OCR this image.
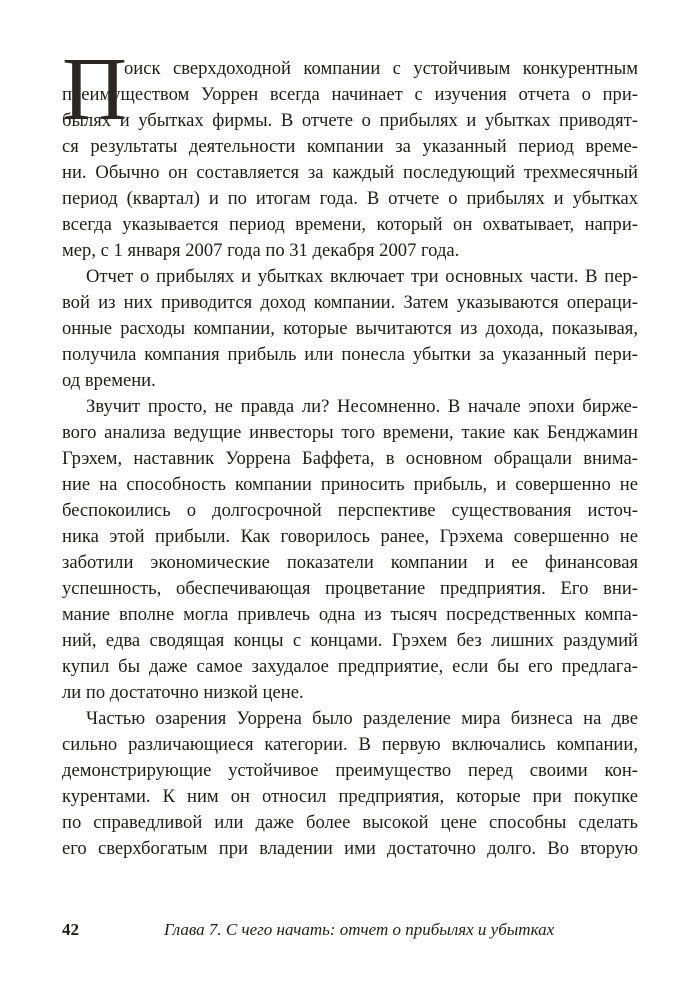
П
оиск сверхдоходной компании с устойчивым конкурентным
преимуществом Уоррен всегда начинает с изучения отчета о при-
былях и убытках фирмы. В отчете о прибылях и убытках приводят-
ся результаты деятельности компании за указанный период време-
ни. Обычно он составляется за каждый последующий трехмесячный
период (квартал) и по итогам года. В отчете о прибылях и убытках
всегда указывается период времени, который он охватывает, напри-
мер, с 1 января 2007 года по 31 декабря 2007 года.
Отчет о прибылях и убытках включает три основных части. В пер-
вой из них приводится доход компании. Затем указываются операци-
онные расходы компании, которые вычитаются из дохода, показывая,
получила компания прибыль или понесла убытки за указанный пери-
од времени.
Звучит просто, не правда ли? Несомненно. В начале эпохи бирже-
вого анализа ведущие инвесторы того времени, такие как Бенджамин
Грэхем, наставник Уоррена Баффета, в основном обращали внима-
ние на способность компании приносить прибыль, и совершенно не
беспокоились о долгосрочной перспективе существования источ-
ника этой прибыли. Как говорилось ранее, Грэхема совершенно не
заботили экономические показатели компании и ее финансовая
успешность, обеспечивающая процветание предприятия. Его вни-
мание вполне могла привлечь одна из тысяч посредственных компа-
ний, едва сводящая концы с концами. Грэхем без лишних раздумий
купил бы даже самое захудалое предприятие, если бы его предлага-
ли по достаточно низкой цене.
Частью озарения Уоррена было разделение мира бизнеса на две
сильно различающиеся категории. В первую включались компании,
демонстрирующие устойчивое преимущество перед своими кон-
курентами. К ним он относил предприятия, которые при покупке
по справедливой или даже более высокой цене способны сделать
его сверхбогатым при владении ими достаточно долго. Во вторую
42	Глава 7. С чего начать: отчет о прибылях и убытках
